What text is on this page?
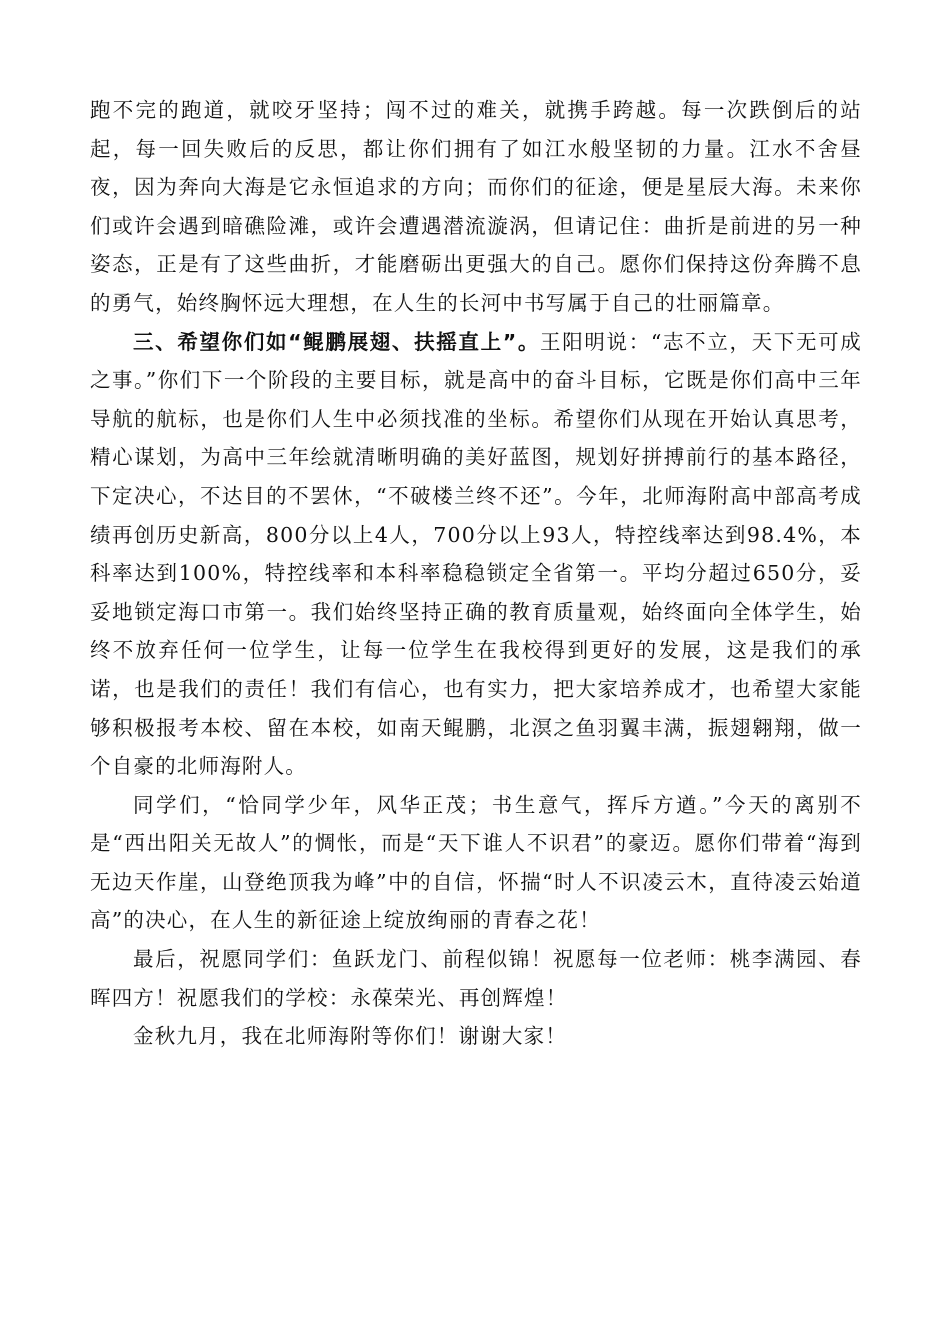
跑不完的跑道，就咬牙坚持；闯不过的难关，就携手跨越。每一次跌倒后的站起，每一回失败后的反思，都让你们拥有了如江水般坚韧的力量。江水不舍昼夜，因为奔向大海是它永恒追求的方向；而你们的征途，便是星辰大海。未来你们或许会遇到暗礁险滩，或许会遭遇潜流漩涡，但请记住：曲折是前进的另一种姿态，正是有了这些曲折，才能磨砺出更强大的自己。愿你们保持这份奔腾不息的勇气，始终胸怀远大理想，在人生的长河中书写属于自己的壮丽篇章。

三、希望你们如“鲲鹏展翅、扶摇直上”。王阳明说：“志不立，天下无可成之事。”你们下一个阶段的主要目标，就是高中的奋斗目标，它既是你们高中三年导航的航标，也是你们人生中必须找准的坐标。希望你们从现在开始认真思考，精心谋划，为高中三年绘就清晰明确的美好蓝图，规划好拼搏前行的基本路径，下定决心，不达目的不罢休，“不破楼兰终不还”。今年，北师海附高中部高考成绩再创历史新高，800分以上4人，700分以上93人，特控线率达到98.4%，本科率达到100%，特控线率和本科率稳稳锁定全省第一。平均分超过650分，妥妥地锁定海口市第一。我们始终坚持正确的教育质量观，始终面向全体学生，始终不放弃任何一位学生，让每一位学生在我校得到更好的发展，这是我们的承诺，也是我们的责任！我们有信心，也有实力，把大家培养成才，也希望大家能够积极报考本校、留在本校，如南天鲲鹏，北溟之鱼羽翼丰满，振翅翱翔，做一个自豪的北师海附人。

同学们，“恰同学少年，风华正茂；书生意气，挥斥方遒。”今天的离别不是“西出阳关无故人”的惆怅，而是“天下谁人不识君”的豪迈。愿你们带着“海到无边天作崖，山登绝顶我为峰”中的自信，怀揣“时人不识凌云木，直待凌云始道高”的决心，在人生的新征途上绽放绚丽的青春之花！

最后，祝愿同学们：鱼跃龙门、前程似锦！祝愿每一位老师：桃李满园、春晖四方！祝愿我们的学校：永葆荣光、再创辉煌！

金秋九月，我在北师海附等你们！谢谢大家！
